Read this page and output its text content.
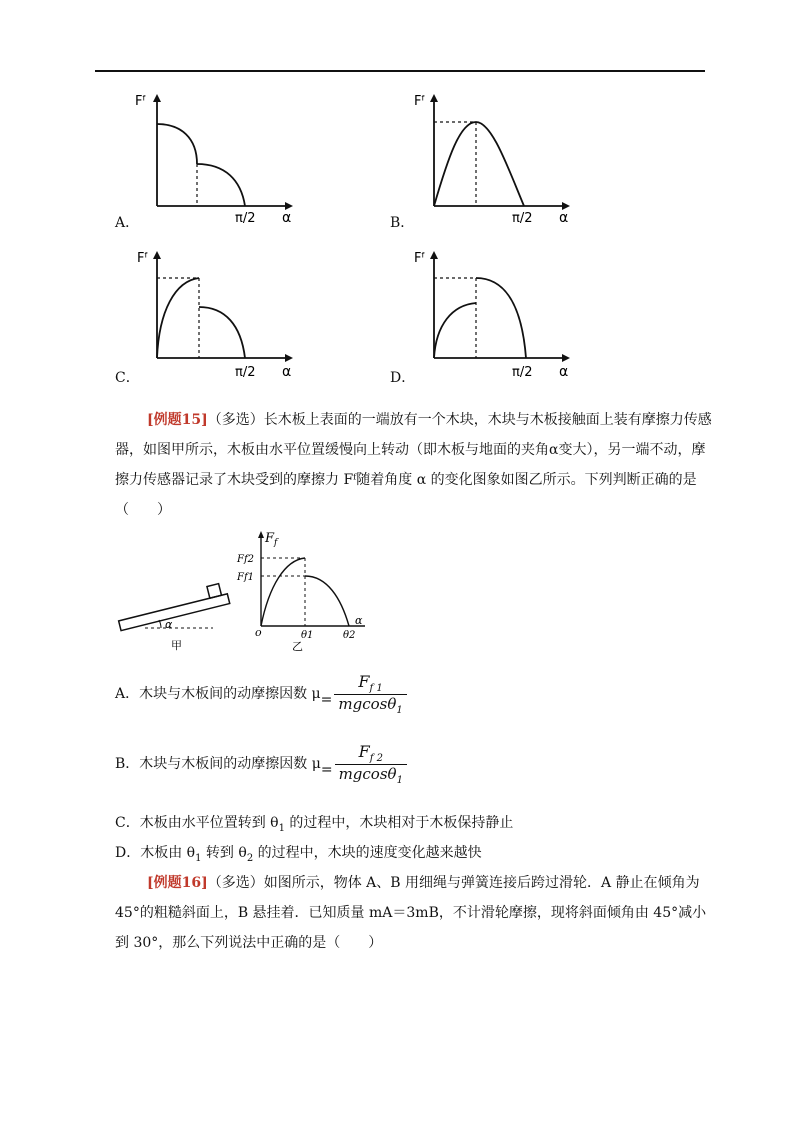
Fᶠ
π/2 α
A．
Fᶠ
π/2 α
B．
Fᶠ
π/2 α
C．
Fᶠ
π/2 α
D．
[例题15]（多选）长木板上表面的一端放有一个木块，木块与木板接触面上装有摩擦力传感器，如图甲所示，木板由水平位置缓慢向上转动（即木板与地面的夹角α变大），另一端不动，摩擦力传感器记录了木块受到的摩擦力 Fᶠ随着角度 α 的变化图象如图乙所示。下列判断正确的是（　　）
α
甲
F f
Ff2
Ff1
o	θ1	θ2
α
乙
A．木块与木板间的动摩擦因数 $\mu= \frac{F_{f 1}}{mgcos\theta_1}$
B．木块与木板间的动摩擦因数 $\mu= \frac{F_{f 2}}{mgcos\theta_1}$
C．木板由水平位置转到 $\theta_1$ 的过程中，木块相对于木板保持静止
D．木板由 $\theta_1$ 转到 $\theta_2$ 的过程中，木块的速度变化越来越快
[例题16]（多选）如图所示，物体 A、B 用细绳与弹簧连接后跨过滑轮．A 静止在倾角为 45°的粗糙斜面上，B 悬挂着．已知质量 mA＝3mB，不计滑轮摩擦，现将斜面倾角由 45°减小到 30°，那么下列说法中正确的是（　　）
